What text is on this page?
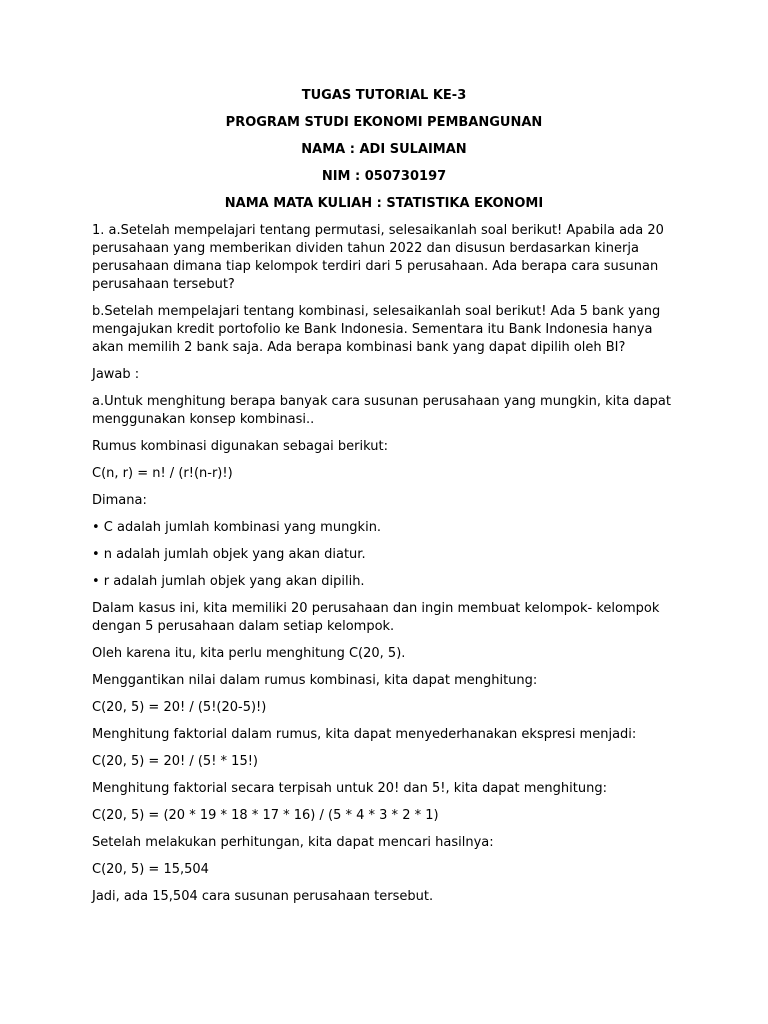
TUGAS TUTORIAL KE-3
PROGRAM STUDI EKONOMI PEMBANGUNAN
NAMA : ADI SULAIMAN
NIM : 050730197
NAMA MATA KULIAH : STATISTIKA EKONOMI
1. a.Setelah mempelajari tentang permutasi, selesaikanlah soal berikut! Apabila ada 20 perusahaan yang memberikan dividen tahun 2022 dan disusun berdasarkan kinerja perusahaan dimana tiap kelompok terdiri dari 5 perusahaan. Ada berapa cara susunan perusahaan tersebut?
b.Setelah mempelajari tentang kombinasi, selesaikanlah soal berikut! Ada 5 bank yang mengajukan kredit portofolio ke Bank Indonesia. Sementara itu Bank Indonesia hanya akan memilih 2 bank saja. Ada berapa kombinasi bank yang dapat dipilih oleh BI?
Jawab :
a.Untuk menghitung berapa banyak cara susunan perusahaan yang mungkin, kita dapat menggunakan konsep kombinasi..
Rumus kombinasi digunakan sebagai berikut:
C(n, r) = n! / (r!(n-r)!)
Dimana:
• C adalah jumlah kombinasi yang mungkin.
• n adalah jumlah objek yang akan diatur.
• r adalah jumlah objek yang akan dipilih.
Dalam kasus ini, kita memiliki 20 perusahaan dan ingin membuat kelompok- kelompok dengan 5 perusahaan dalam setiap kelompok.
Oleh karena itu, kita perlu menghitung C(20, 5).
Menggantikan nilai dalam rumus kombinasi, kita dapat menghitung:
C(20, 5) = 20! / (5!(20-5)!)
Menghitung faktorial dalam rumus, kita dapat menyederhanakan ekspresi menjadi:
C(20, 5) = 20! / (5! * 15!)
Menghitung faktorial secara terpisah untuk 20! dan 5!, kita dapat menghitung:
C(20, 5) = (20 * 19 * 18 * 17 * 16) / (5 * 4 * 3 * 2 * 1)
Setelah melakukan perhitungan, kita dapat mencari hasilnya:
C(20, 5) = 15,504
Jadi, ada 15,504 cara susunan perusahaan tersebut.
